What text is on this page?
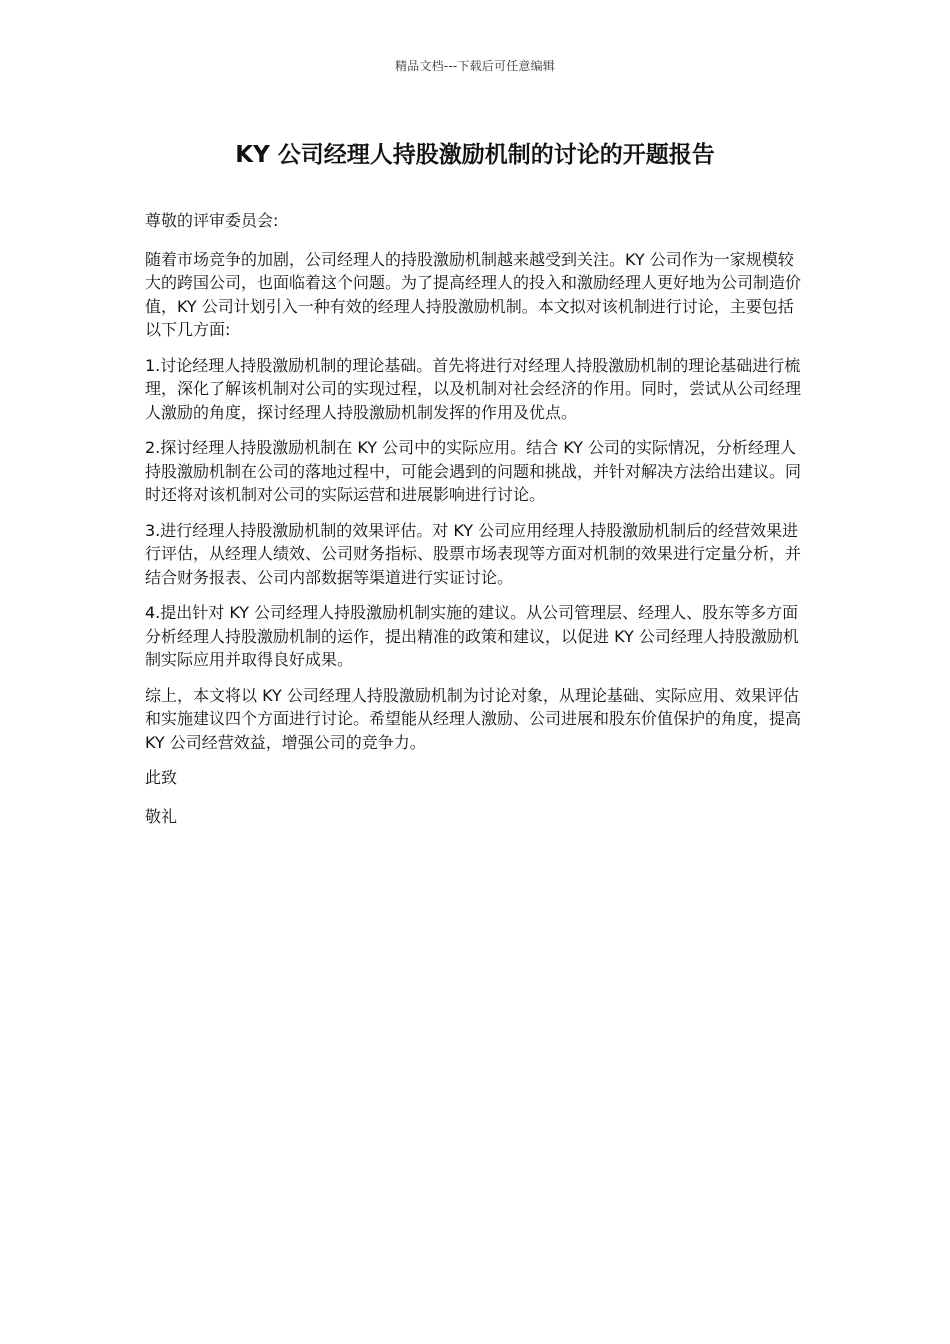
精品文档---下载后可任意编辑
KY 公司经理人持股激励机制的讨论的开题报告

尊敬的评审委员会:

随着市场竞争的加剧，公司经理人的持股激励机制越来越受到关注。KY 公司作为一家规模较大的跨国公司，也面临着这个问题。为了提高经理人的投入和激励经理人更好地为公司制造价值，KY 公司计划引入一种有效的经理人持股激励机制。本文拟对该机制进行讨论，主要包括以下几方面:

1.讨论经理人持股激励机制的理论基础。首先将进行对经理人持股激励机制的理论基础进行梳理，深化了解该机制对公司的实现过程，以及机制对社会经济的作用。同时，尝试从公司经理人激励的角度，探讨经理人持股激励机制发挥的作用及优点。

2.探讨经理人持股激励机制在 KY 公司中的实际应用。结合 KY 公司的实际情况，分析经理人持股激励机制在公司的落地过程中，可能会遇到的问题和挑战，并针对解决方法给出建议。同时还将对该机制对公司的实际运营和进展影响进行讨论。

3.进行经理人持股激励机制的效果评估。对 KY 公司应用经理人持股激励机制后的经营效果进行评估，从经理人绩效、公司财务指标、股票市场表现等方面对机制的效果进行定量分析，并结合财务报表、公司内部数据等渠道进行实证讨论。

4.提出针对 KY 公司经理人持股激励机制实施的建议。从公司管理层、经理人、股东等多方面分析经理人持股激励机制的运作，提出精准的政策和建议，以促进 KY 公司经理人持股激励机制实际应用并取得良好成果。

综上，本文将以 KY 公司经理人持股激励机制为讨论对象，从理论基础、实际应用、效果评估和实施建议四个方面进行讨论。希望能从经理人激励、公司进展和股东价值保护的角度，提高 KY 公司经营效益，增强公司的竞争力。

此致

敬礼
